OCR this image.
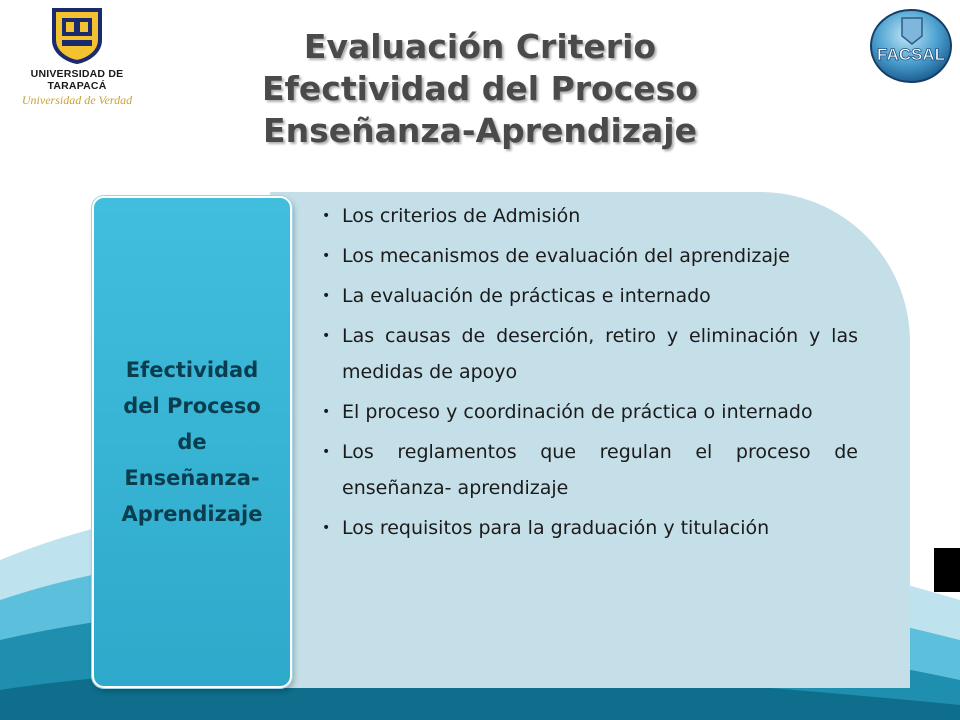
UNIVERSIDAD DE TARAPACÁ
Universidad de Verdad
Evaluación Criterio
Efectividad del Proceso
Enseñanza-Aprendizaje
FACSAL
Efectividad
del Proceso
de
Enseñanza-
Aprendizaje
• Los criterios de Admisión
• Los mecanismos de evaluación del aprendizaje
• La evaluación de prácticas e internado
• Las causas de deserción, retiro y eliminación y las medidas de apoyo
• El proceso y coordinación de práctica o internado
• Los reglamentos que regulan el proceso de enseñanza- aprendizaje
• Los requisitos para la graduación y titulación
